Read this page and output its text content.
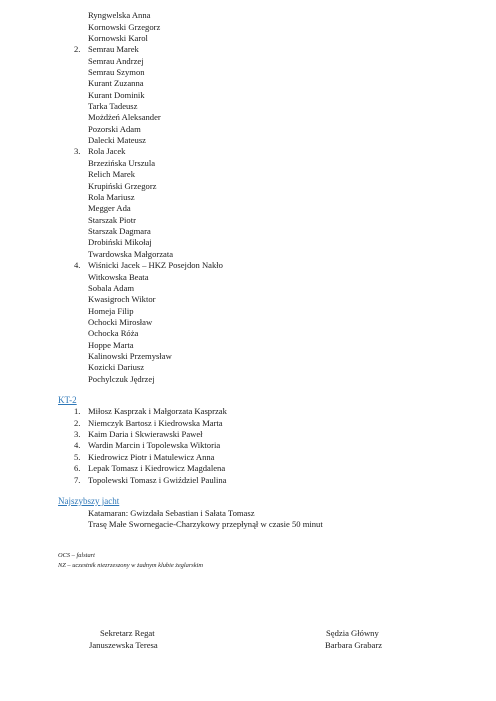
Ryngwelska Anna
Kornowski Grzegorz
Kornowski Karol
2. Semrau Marek
Semrau Andrzej
Semrau Szymon
Kurant Zuzanna
Kurant Dominik
Tarka Tadeusz
Możdżeń Aleksander
Pozorski Adam
Dalecki Mateusz
3. Rola Jacek
Brzezińska Urszula
Relich Marek
Krupiński Grzegorz
Rola Mariusz
Megger Ada
Starszak Piotr
Starszak Dagmara
Drobiński Mikołaj
Twardowska Małgorzata
4. Wiśnicki Jacek – HKZ Posejdon Nakło
Witkowska Beata
Sobala Adam
Kwasigroch Wiktor
Homeja Filip
Ochocki Mirosław
Ochocka Róża
Hoppe Marta
Kalinowski Przemysław
Kozicki Dariusz
Pochylczuk Jędrzej
KT-2
1. Miłosz Kasprzak i Małgorzata Kasprzak
2. Niemczyk Bartosz i Kiedrowska Marta
3. Kaim Daria i Skwierawski Paweł
4. Wardin Marcin i Topolewska Wiktoria
5. Kiedrowicz Piotr i Matulewicz Anna
6. Lepak Tomasz i Kiedrowicz Magdalena
7. Topolewski Tomasz i Gwiździel Paulina
Najszybszy jacht
Katamaran: Gwizdała Sebastian i Sałata Tomasz
Trasę Małe Swornegacie-Charzykowy przepłynął w czasie 50 minut
OCS – falstart
NZ – uczestnik niezrzeszony w żadnym klubie żeglarskim
Sekretarz Regat
Januszewska Teresa
Sędzia Główny
Barbara Grabarz
